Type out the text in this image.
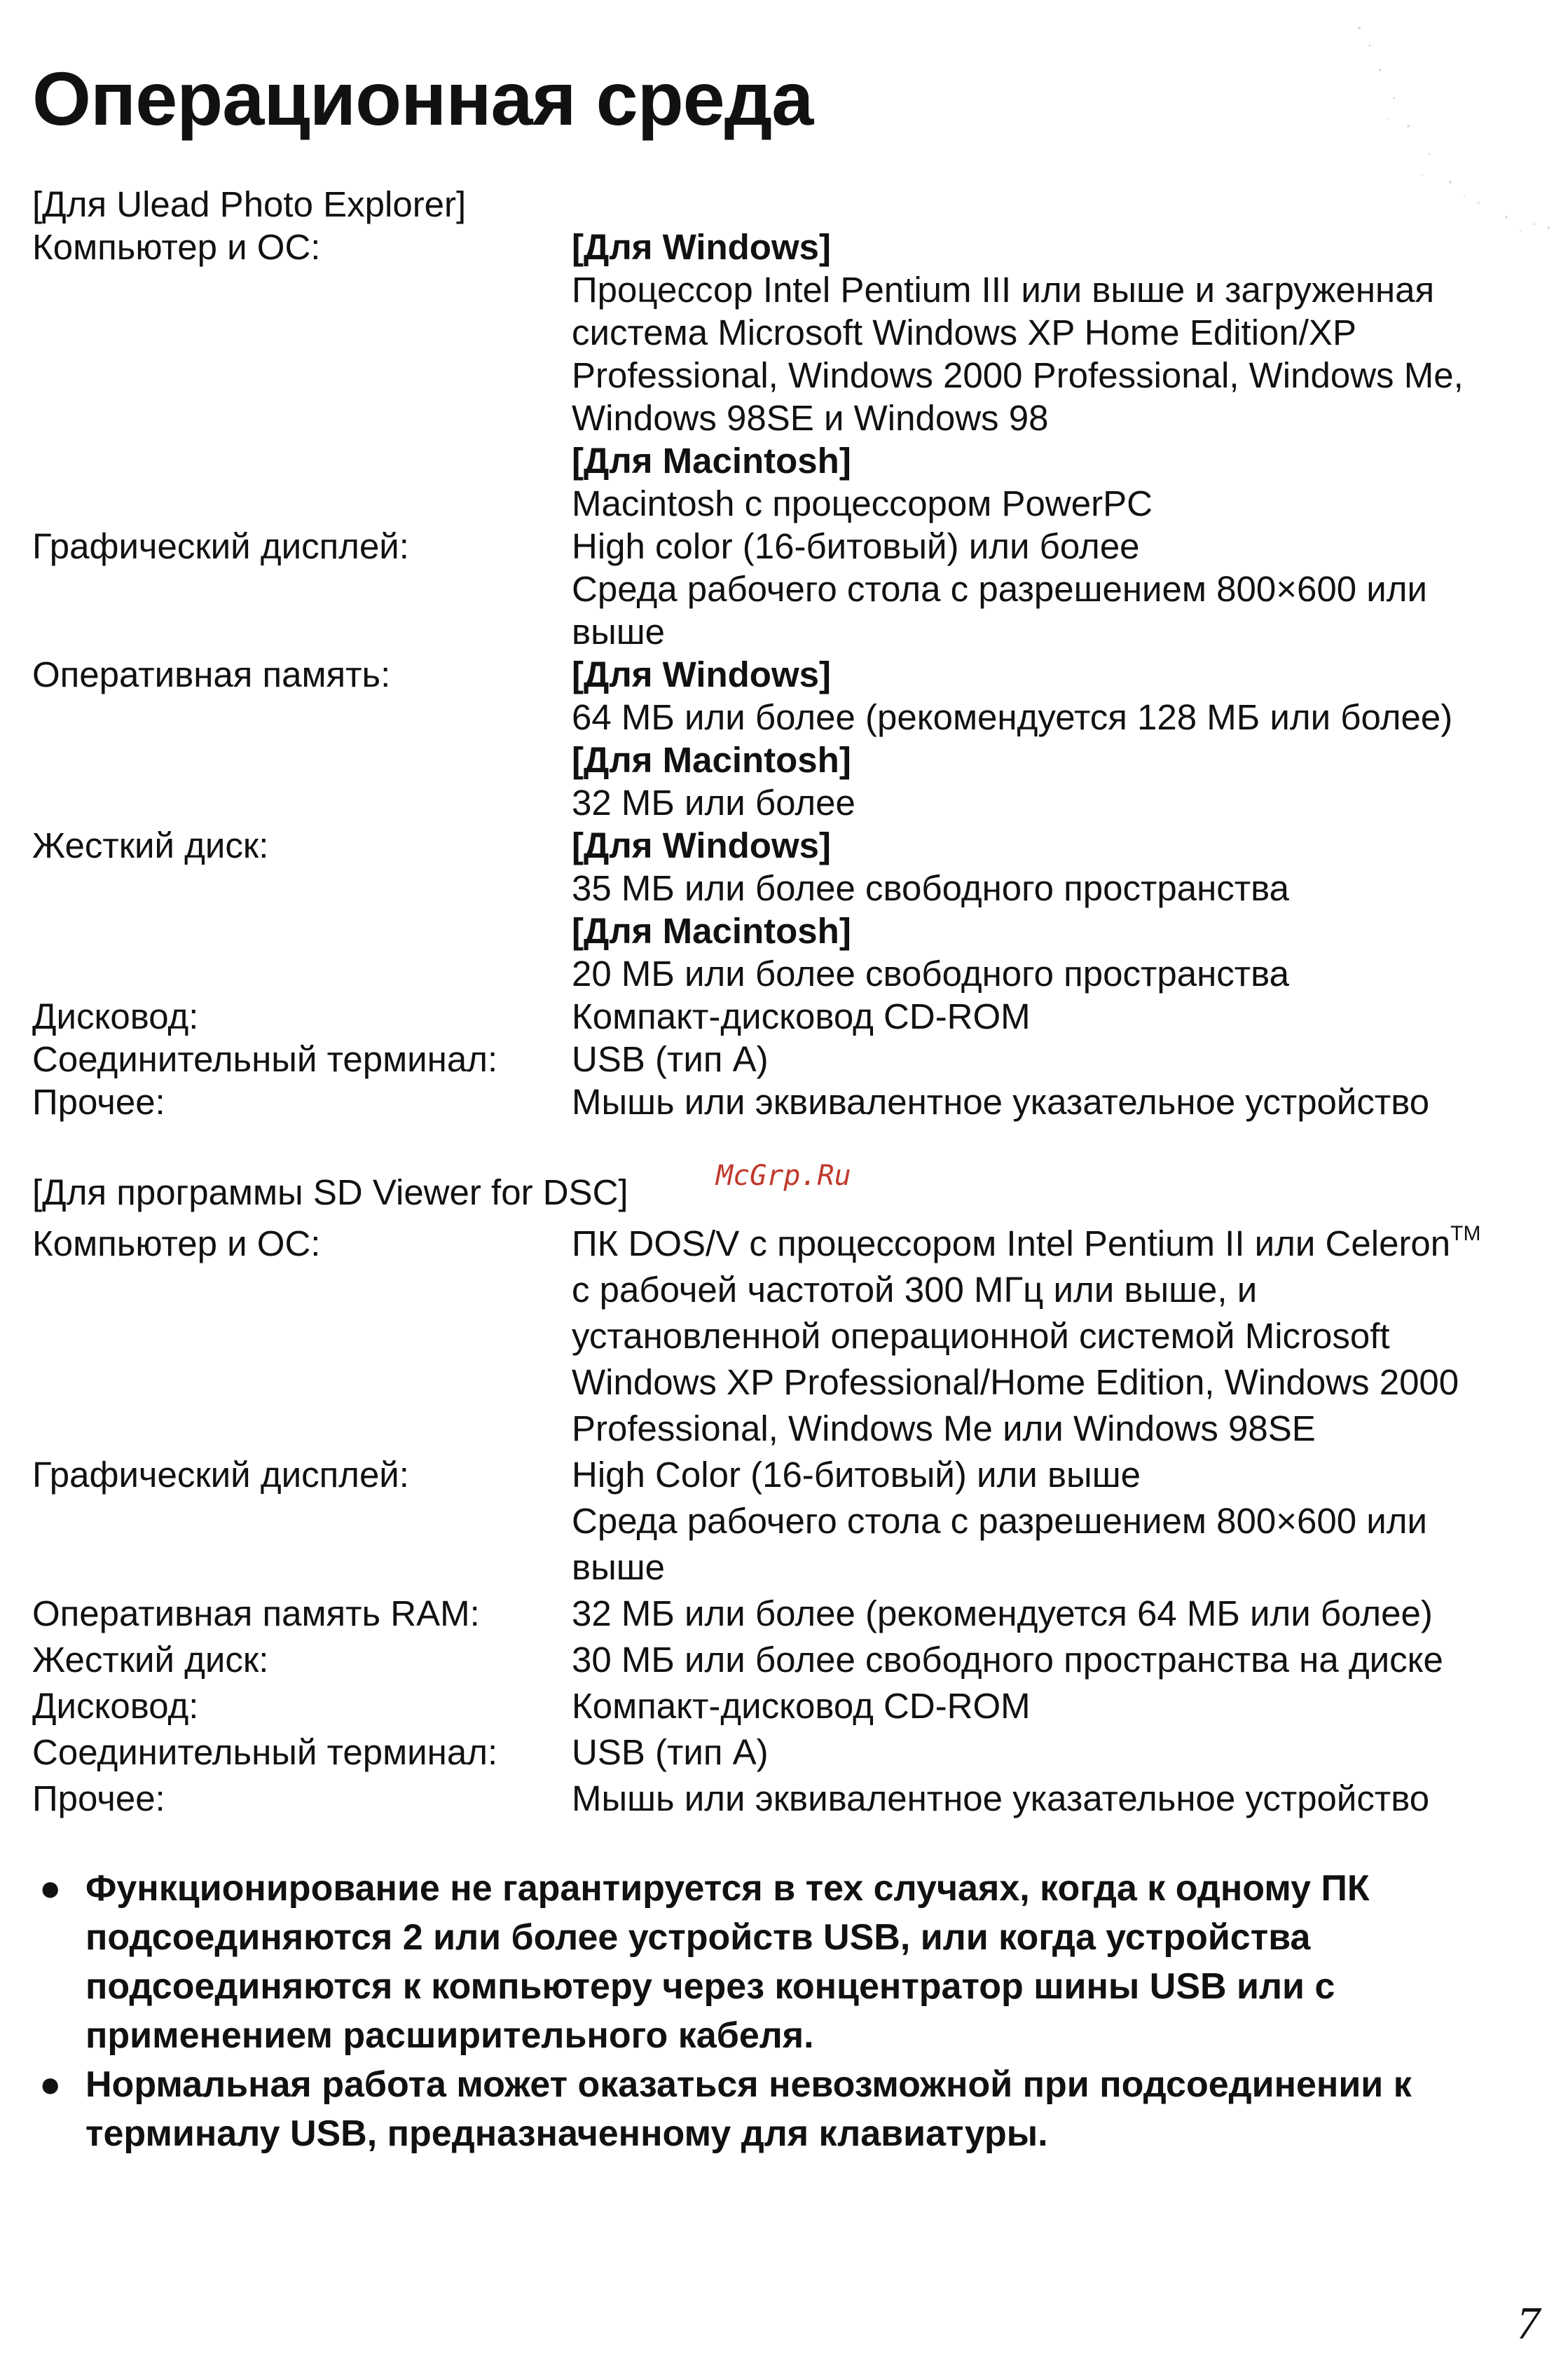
Операционная среда

[Для Ulead Photo Explorer]

Компьютер и ОС:	[Для Windows]
Процессор Intel Pentium III или выше и загруженная
система Microsoft Windows XP Home Edition/XP
Professional, Windows 2000 Professional, Windows Me,
Windows 98SE и Windows 98
[Для Macintosh]
Macintosh с процессором PowerPC
Графический дисплей:	High color (16-битовый) или более
Среда рабочего стола с разрешением 800×600 или
выше
Оперативная память:	[Для Windows]
64 МБ или более (рекомендуется 128 МБ или более)
[Для Macintosh]
32 МБ или более
Жесткий диск:	[Для Windows]
35 МБ или более свободного пространства
[Для Macintosh]
20 МБ или более свободного пространства
Дисковод:	Компакт-дисковод CD-ROM
Соединительный терминал:	USB (тип A)
Прочее:	Мышь или эквивалентное указательное устройство

[Для программы SD Viewer for DSC]	McGrp.Ru
Компьютер и ОС:	ПК DOS/V с процессором Intel Pentium II или Celeron™
с рабочей частотой 300 МГц или выше, и
установленной операционной системой Microsoft
Windows XP Professional/Home Edition, Windows 2000
Professional, Windows Me или Windows 98SE
Графический дисплей:	High Color (16-битовый) или выше
Среда рабочего стола с разрешением 800×600 или
выше
Оперативная память RAM:	32 МБ или более (рекомендуется 64 МБ или более)
Жесткий диск:	30 МБ или более свободного пространства на диске
Дисковод:	Компакт-дисковод CD-ROM
Соединительный терминал:	USB (тип A)
Прочее:	Мышь или эквивалентное указательное устройство
● Функционирование не гарантируется в тех случаях, когда к одному ПК
подсоединяются 2 или более устройств USB, или когда устройства
подсоединяются к компьютеру через концентратор шины USB или с
применением расширительного кабеля.
● Нормальная работа может оказаться невозможной при подсоединении к
терминалу USB, предназначенному для клавиатуры.
7
